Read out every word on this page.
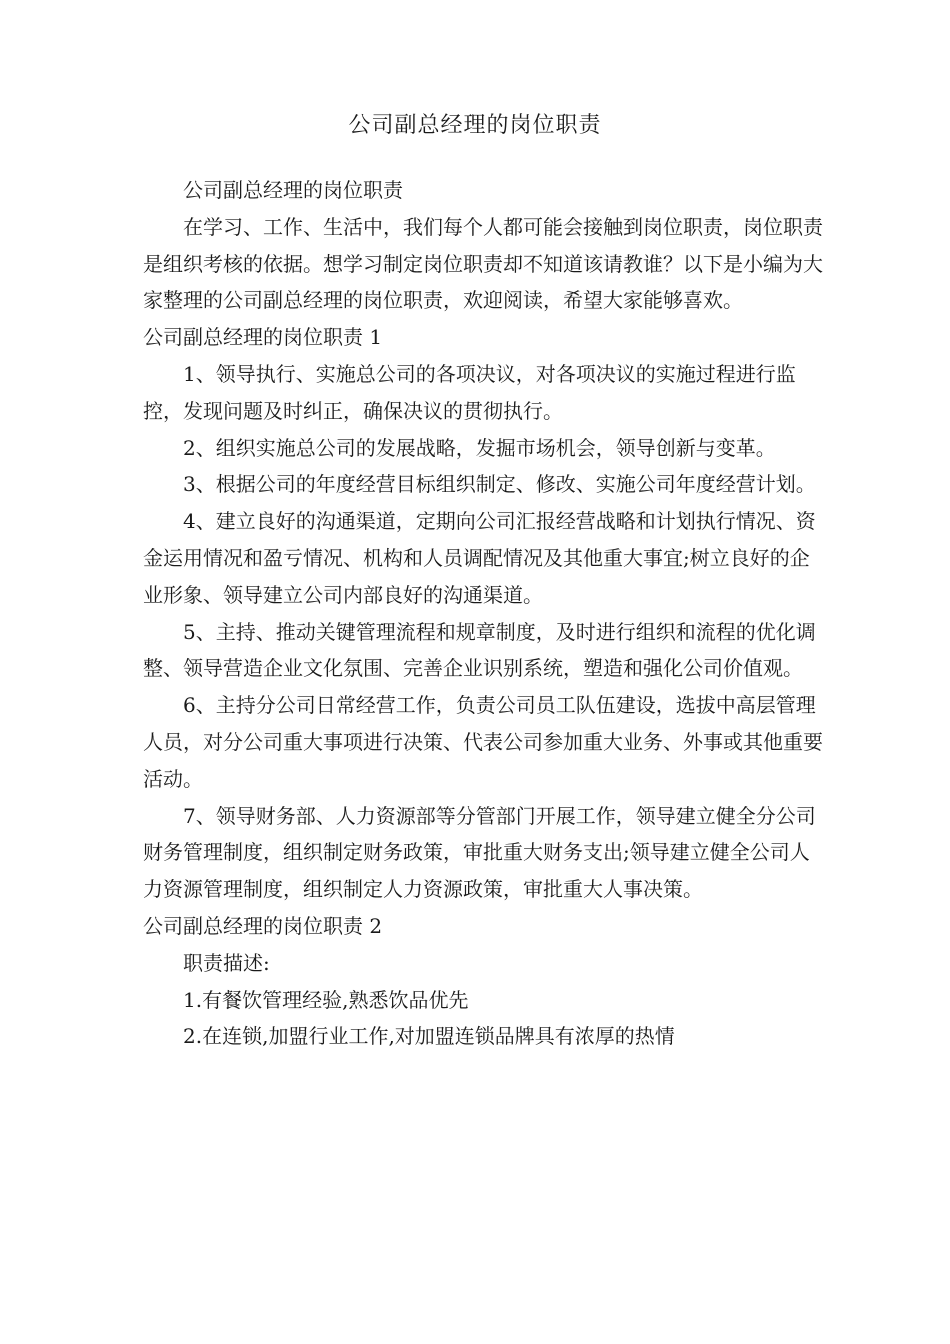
公司副总经理的岗位职责

公司副总经理的岗位职责

在学习、工作、生活中，我们每个人都可能会接触到岗位职责，岗位职责是组织考核的依据。想学习制定岗位职责却不知道该请教谁？以下是小编为大家整理的公司副总经理的岗位职责，欢迎阅读，希望大家能够喜欢。

公司副总经理的岗位职责 1

1、领导执行、实施总公司的各项决议，对各项决议的实施过程进行监控，发现问题及时纠正，确保决议的贯彻执行。

2、组织实施总公司的发展战略，发掘市场机会，领导创新与变革。

3、根据公司的年度经营目标组织制定、修改、实施公司年度经营计划。

4、建立良好的沟通渠道，定期向公司汇报经营战略和计划执行情况、资金运用情况和盈亏情况、机构和人员调配情况及其他重大事宜;树立良好的企业形象、领导建立公司内部良好的沟通渠道。

5、主持、推动关键管理流程和规章制度，及时进行组织和流程的优化调整、领导营造企业文化氛围、完善企业识别系统，塑造和强化公司价值观。

6、主持分公司日常经营工作，负责公司员工队伍建设，选拔中高层管理人员，对分公司重大事项进行决策、代表公司参加重大业务、外事或其他重要活动。

7、领导财务部、人力资源部等分管部门开展工作，领导建立健全分公司财务管理制度，组织制定财务政策，审批重大财务支出;领导建立健全公司人力资源管理制度，组织制定人力资源政策，审批重大人事决策。

公司副总经理的岗位职责 2

职责描述:

1.有餐饮管理经验,熟悉饮品优先

2.在连锁,加盟行业工作,对加盟连锁品牌具有浓厚的热情
